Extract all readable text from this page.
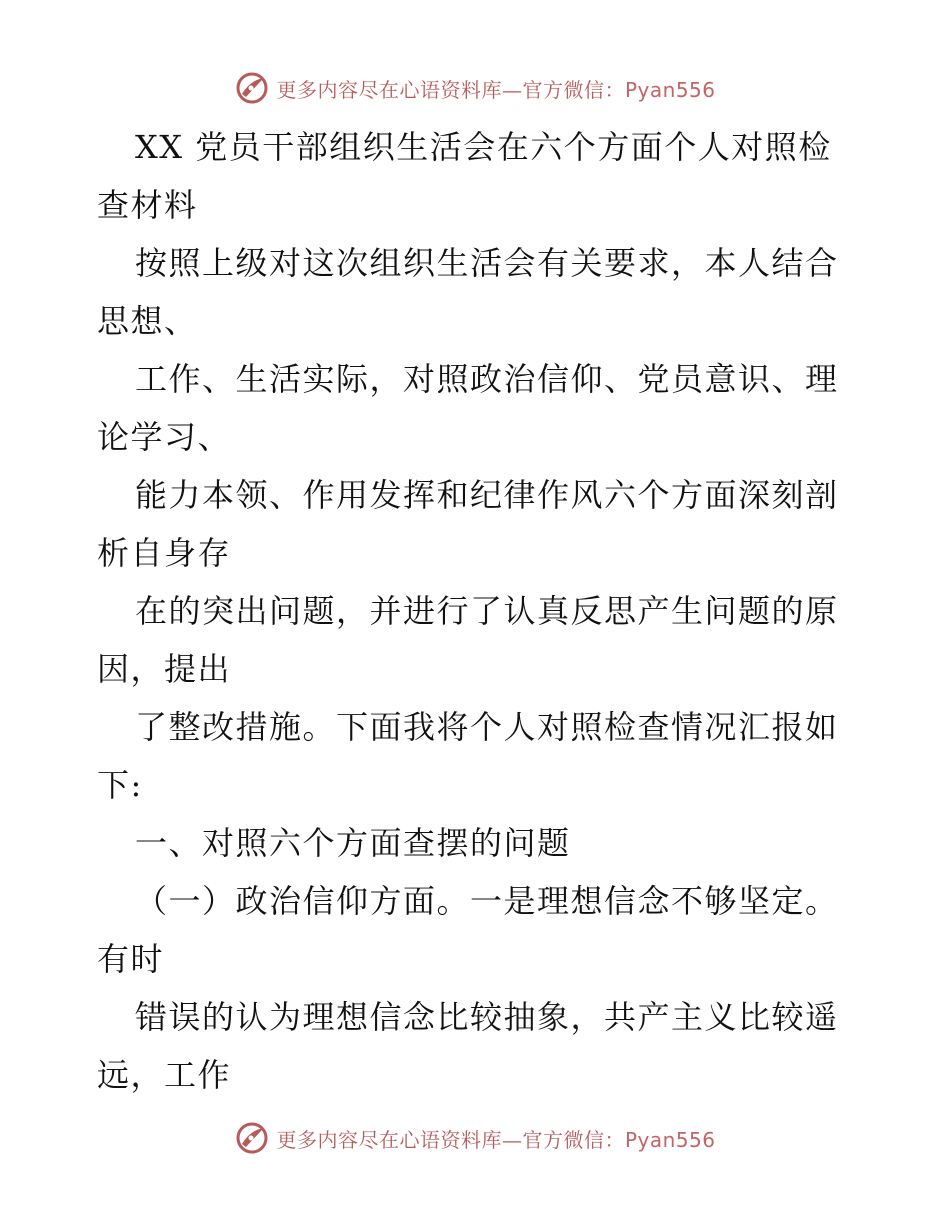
更多内容尽在心语资料库—官方微信：Pyan556
XX 党员干部组织生活会在六个方面个人对照检
查材料
按照上级对这次组织生活会有关要求，本人结合
思想、
工作、生活实际，对照政治信仰、党员意识、理
论学习、
能力本领、作用发挥和纪律作风六个方面深刻剖
析自身存
在的突出问题，并进行了认真反思产生问题的原
因，提出
了整改措施。下面我将个人对照检查情况汇报如
下:
一、对照六个方面查摆的问题
（一）政治信仰方面。一是理想信念不够坚定。
有时
错误的认为理想信念比较抽象，共产主义比较遥
远，工作
更多内容尽在心语资料库—官方微信：Pyan556
